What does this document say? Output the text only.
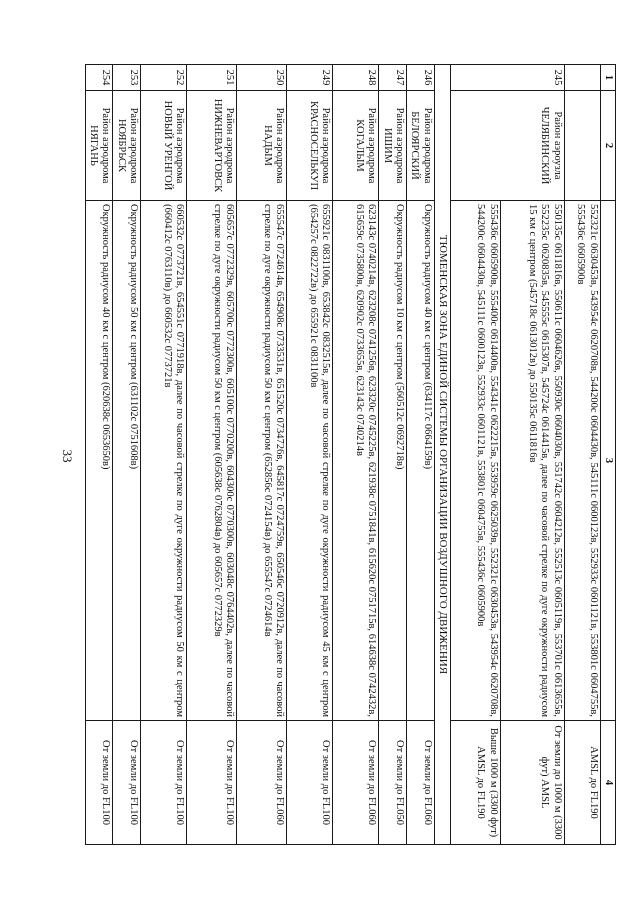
33
1	2	3	4
		552321с 0630453в, 543954с 0620708в, 544200с 0604430в, 545111с 0600123в, 552933с 0601121в, 553801с 0604755в, 555436с 0605900в	AMSL до FL190
245	Район аэроузла ЧЕЛЯБИНСКИЙ	550135с 0611816в, 550611с 0604626в, 550930с 0604030в, 551742с 0604212в, 552513с 0605119в, 553701с 0613655в, 552235с 0620835в, 545555с 0615307в, 545724с 0614415в, далее по часовой стрелке по дуге окружности радиусом 15 км с центром (545718с 0613012в) до 550135с 0611816в	От земли до 1000 м (3300 фут) AMSL
		555436с 0605900в, 555400с 0614400в, 554341с 0622215в, 553959с 0625039в, 552321с 0630453в, 543954с 0620708в, 544200с 0604430в, 545111с 0600123в, 552933с 0601121в, 553801с 0604755в, 555436с 0605900в	Выше 1000 м (3300 фут) AMSL до FL190
ТЮМЕНСКАЯ ЗОНА ЕДИНОЙ СИСТЕМЫ ОРГАНИЗАЦИИ ВОЗДУШНОГО ДВИЖЕНИЯ			
246	Район аэродрома БЕЛОЯРСКИЙ	Окружность радиусом 40 км с центром (634117с 0664159в)	От земли до FL060
247	Район аэродрома ИШИМ	Окружность радиусом 10 км с центром (560512с 0692718в)	От земли до FL050
248	Район аэродрома КОГАЛЫМ	623143с 0740214в, 623208с 0741256в, 623320с 0745225в, 621938с 0751841в, 615620с 0751715в, 614638с 0742432в, 615659с 0735800в, 620902с 0733655в, 623143с 0740214в	От земли до FL060
249	Район аэродрома КРАСНОСЕЛЬКУП	655921с 0831100в, 653842с 0832515в, далее по часовой стрелке по дуге окружности радиусом 45 км с центром (654257с 0822722в) до 655921с 0831100в	От земли до FL100
250	Район аэродрома НАДЫМ	655547с 0724614в, 654908с 0733531в, 651520с 0734726в, 645817с 0724759в, 650546с 0720912в, далее по часовой стрелке по дуге окружности радиусом 50 км с центром (652856с 0724154в) до 655547с 0724614в	От земли до FL060
251	Район аэродрома НИЖНЕВАРТОВСК	605657с 0772329в, 605700с 0772300в, 605100с 0770200в, 604300с 0770300в, 603048с 0764402в, далее по часовой стрелке по дуге окружности радиусом 50 км с центром (605638с 0762804в) до 605657с 0772329в	От земли до FL100
252	Район аэродрома НОВЫЙ УРЕНГОЙ	660532с 0773721в, 654551с 0771918в, далее по часовой стрелке по дуге окружности радиусом 50 км с центром (660412с 0763110в) до 660532с 0773721в	От земли до FL100
253	Район аэродрома НОЯБРЬСК	Окружность радиусом 50 км с центром (631102с 0751608в)	От земли до FL100
254	Район аэродрома НЯГАНЬ	Окружность радиусом 40 км с центром (620638с 0653650в)	От земли до FL100
